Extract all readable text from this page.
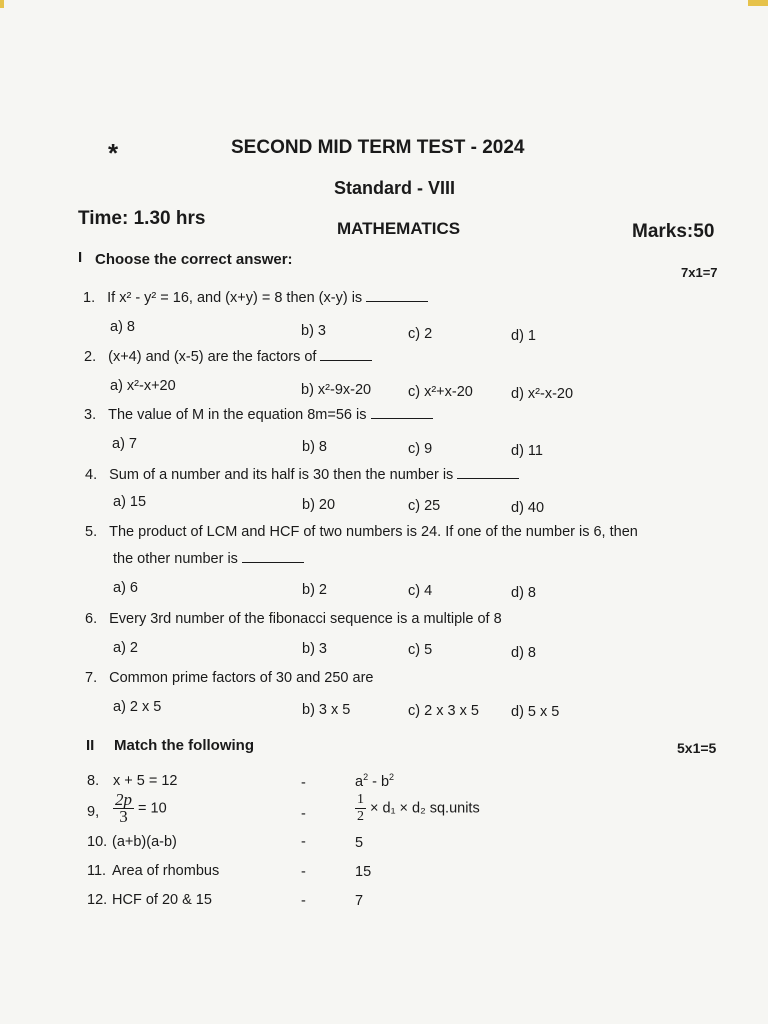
*	SECOND MID TERM TEST - 2024
Standard - VIII
Time: 1.30 hrs	MATHEMATICS	Marks:50
I Choose the correct answer:
7x1=7
1. If x² - y² = 16, and (x+y) = 8 then (x-y) is
a) 8	b) 3	c) 2	d) 1
2. (x+4) and (x-5) are the factors of
a) x²-x+20	b) x²-9x-20	c) x²+x-20	d) x²-x-20
3. The value of M in the equation 8m=56 is
a) 7	b) 8	c) 9	d) 11
4. Sum of a number and its half is 30 then the number is
a) 15	b) 20	c) 25	d) 40
5. The product of LCM and HCF of two numbers is 24. If one of the number is 6, then
the other number is
a) 6	b) 2	c) 4	d) 8
6. Every 3rd number of the fibonacci sequence is a multiple of 8
a) 2	b) 3	c) 5	d) 8
7. Common prime factors of 30 and 250 are
a) 2 x 5	b) 3 x 5	c) 2 x 3 x 5 d) 5 x 5
II Match the following	5x1=5
8. x + 5 = 12	-	$a^2 - b^2$
9, $\frac{2p}{3} = 10$	-	$\frac{1}{2} \times d_1 \times d_2$ sq.units
10. (a+b)(a-b)	-	5
11. Area of rhombus	-	15
12. HCF of 20 & 15	-	7
